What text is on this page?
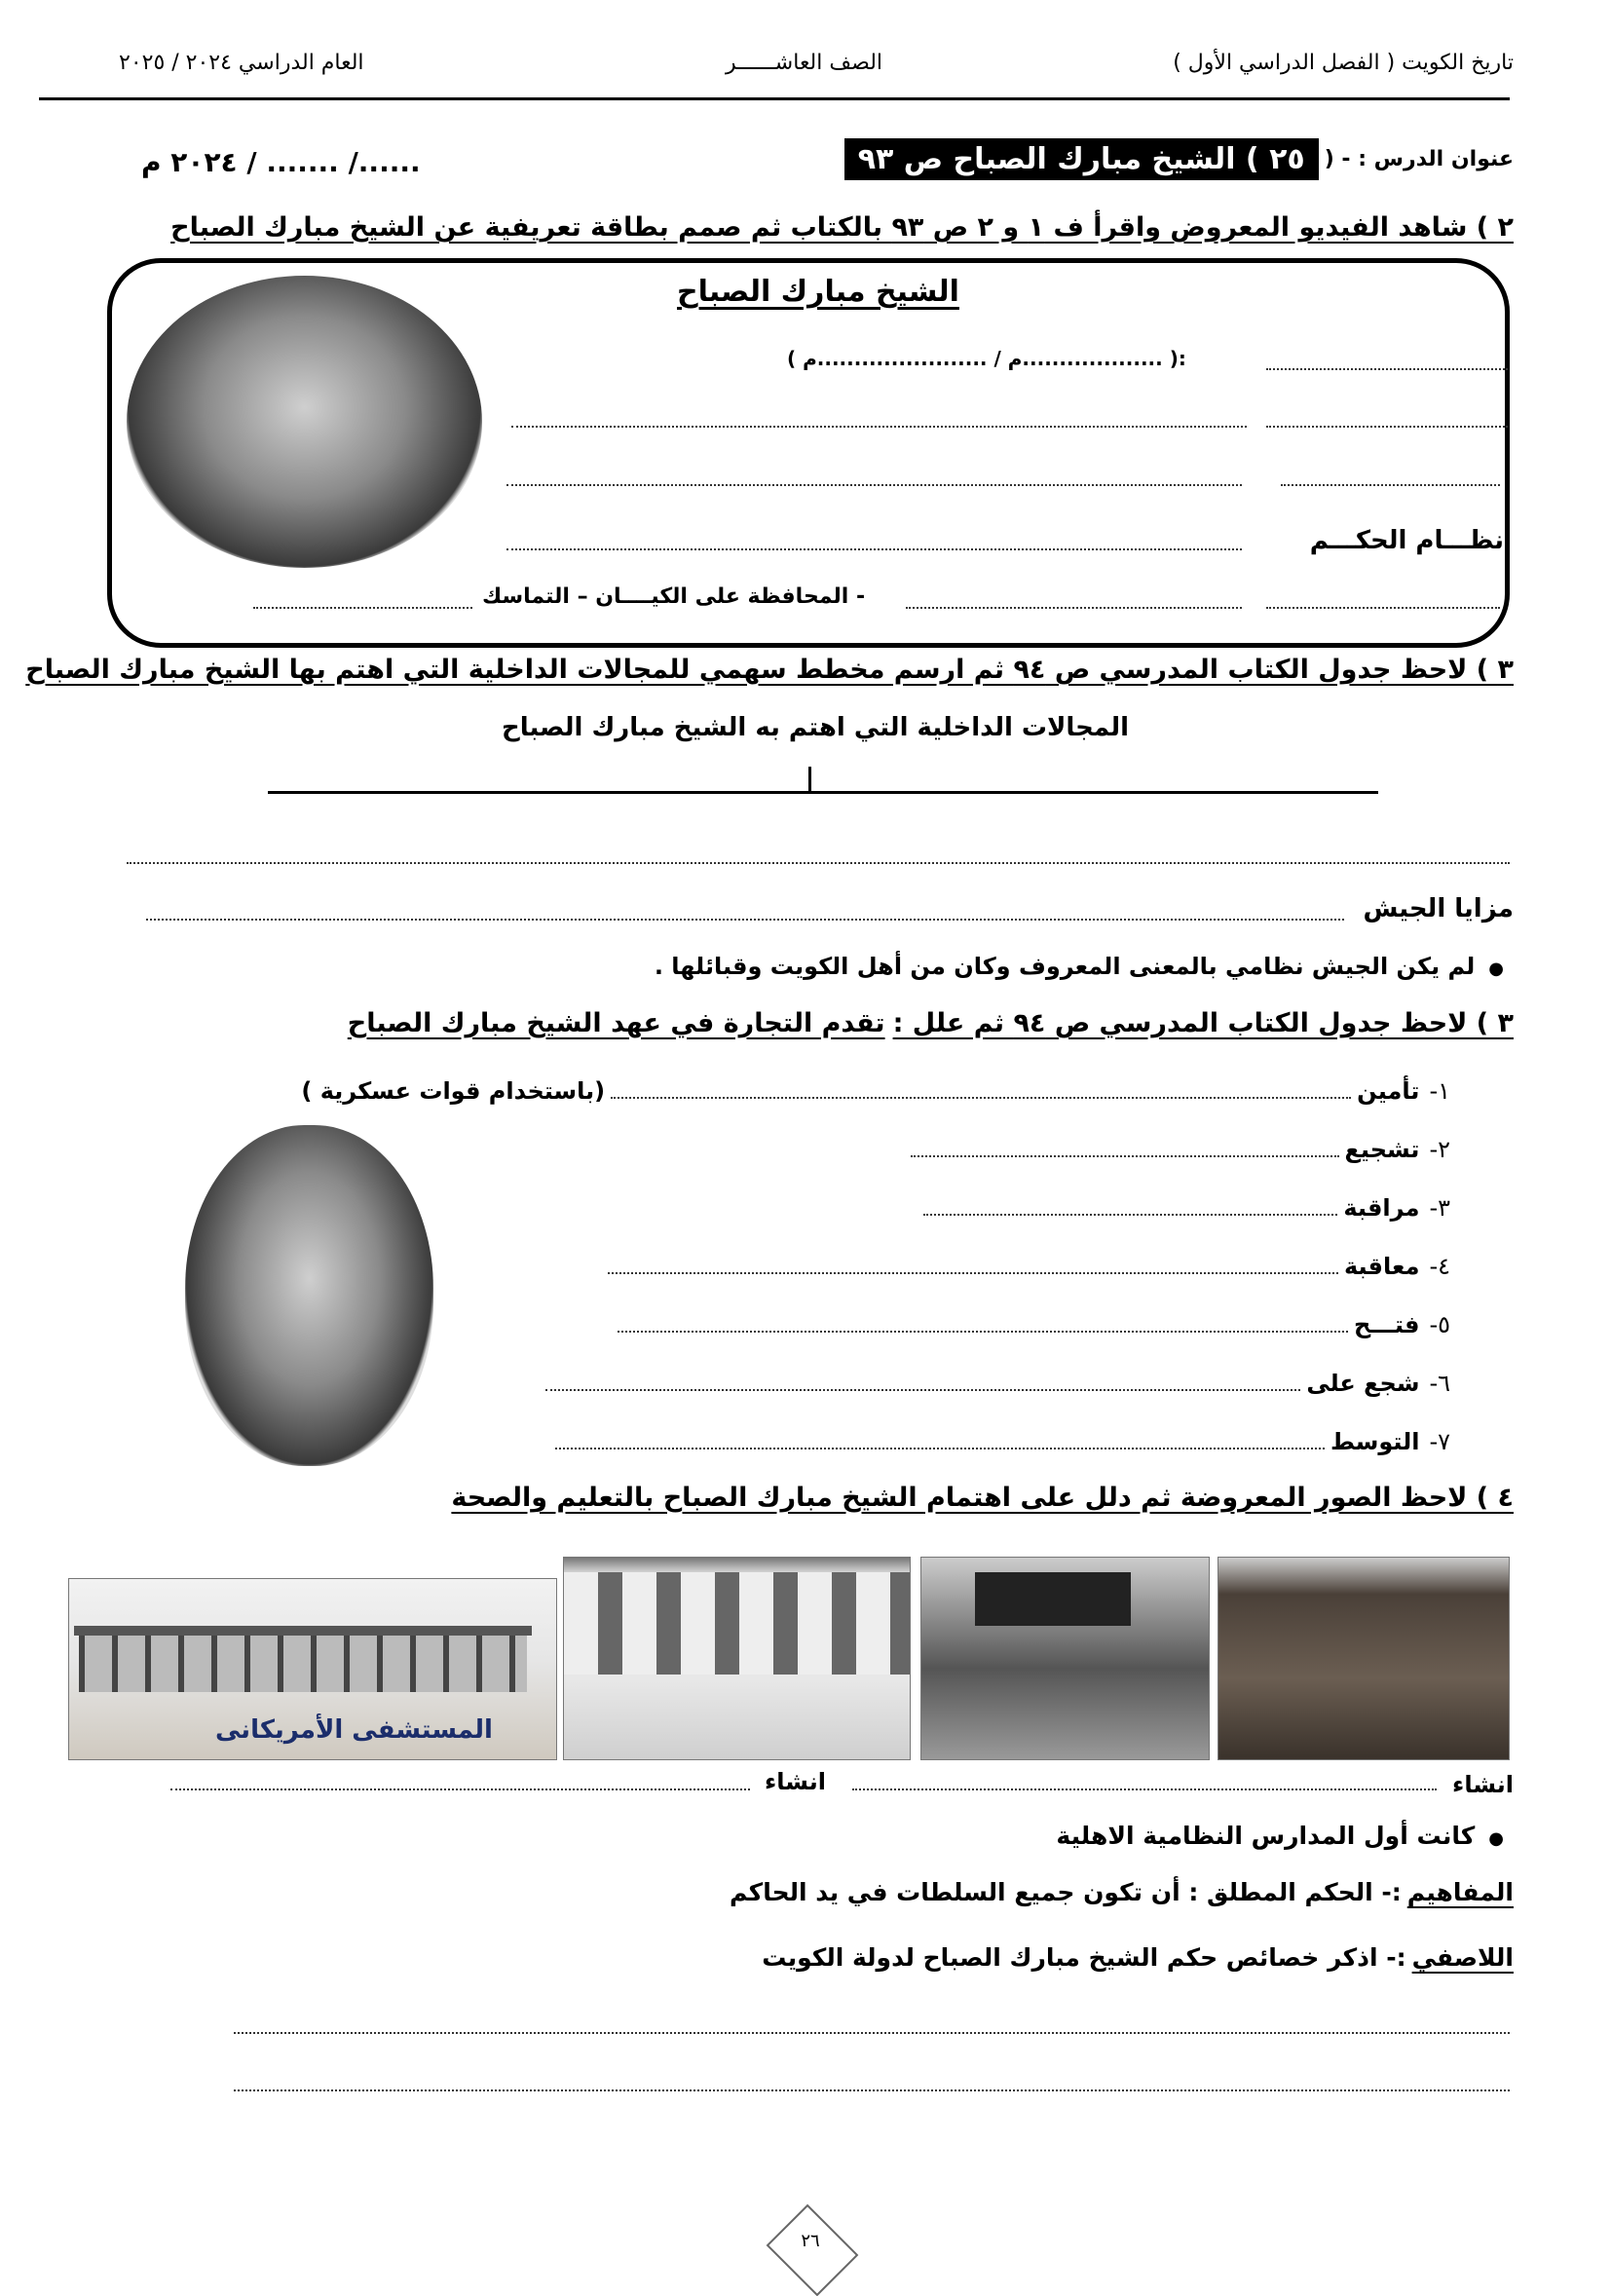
تاريخ الكويت ( الفصل الدراسي الأول )
الصف العاشــــــر
العام الدراسي ٢٠٢٤ / ٢٠٢٥
عنوان الدرس : - (
٢٥ ) الشيخ مبارك الصباح ص ٩٣
....../ ....... / ٢٠٢٤ م
٢ ) شاهد الفيديو المعروض واقرأ ف ١ و ٢ ص ٩٣ بالكتاب ثم صمم بطاقة تعريفية عن الشيخ مبارك الصباح
الشيخ مبارك الصباح
:( ...................م / .......................م )
نظـــام الحكـــم
- المحافظة على الكيــــان – التماسك
٣ ) لاحظ جدول الكتاب المدرسي ص ٩٤ ثم ارسم مخطط سهمي للمجالات الداخلية التي اهتم بها الشيخ مبارك الصباح
المجالات الداخلية التي اهتم به الشيخ مبارك الصباح
مزايا الجيش
● لم يكن الجيش نظامي بالمعنى المعروف وكان من أهل الكويت وقبائلها .
٣ ) لاحظ جدول الكتاب المدرسي ص ٩٤ ثم علل :
تقدم التجارة في عهد الشيخ مبارك الصباح
١-
تأمين
(باستخدام قوات عسكرية )
٢-
تشجيع
٣-
مراقبة
٤-
معاقبة
٥-
فتـــح
٦-
شجع على
٧-
التوسط
٤ ) لاحظ الصور المعروضة ثم دلل على اهتمام الشيخ مبارك الصباح بالتعليم والصحة
المستشفى الأمريكانى
انشاء
انشاء
● كانت أول المدارس النظامية الاهلية
المفاهيم
:- الحكم المطلق : أن تكون جميع السلطات في يد الحاكم
اللاصفي
:- اذكر خصائص حكم الشيخ مبارك الصباح لدولة الكويت
٢٦
